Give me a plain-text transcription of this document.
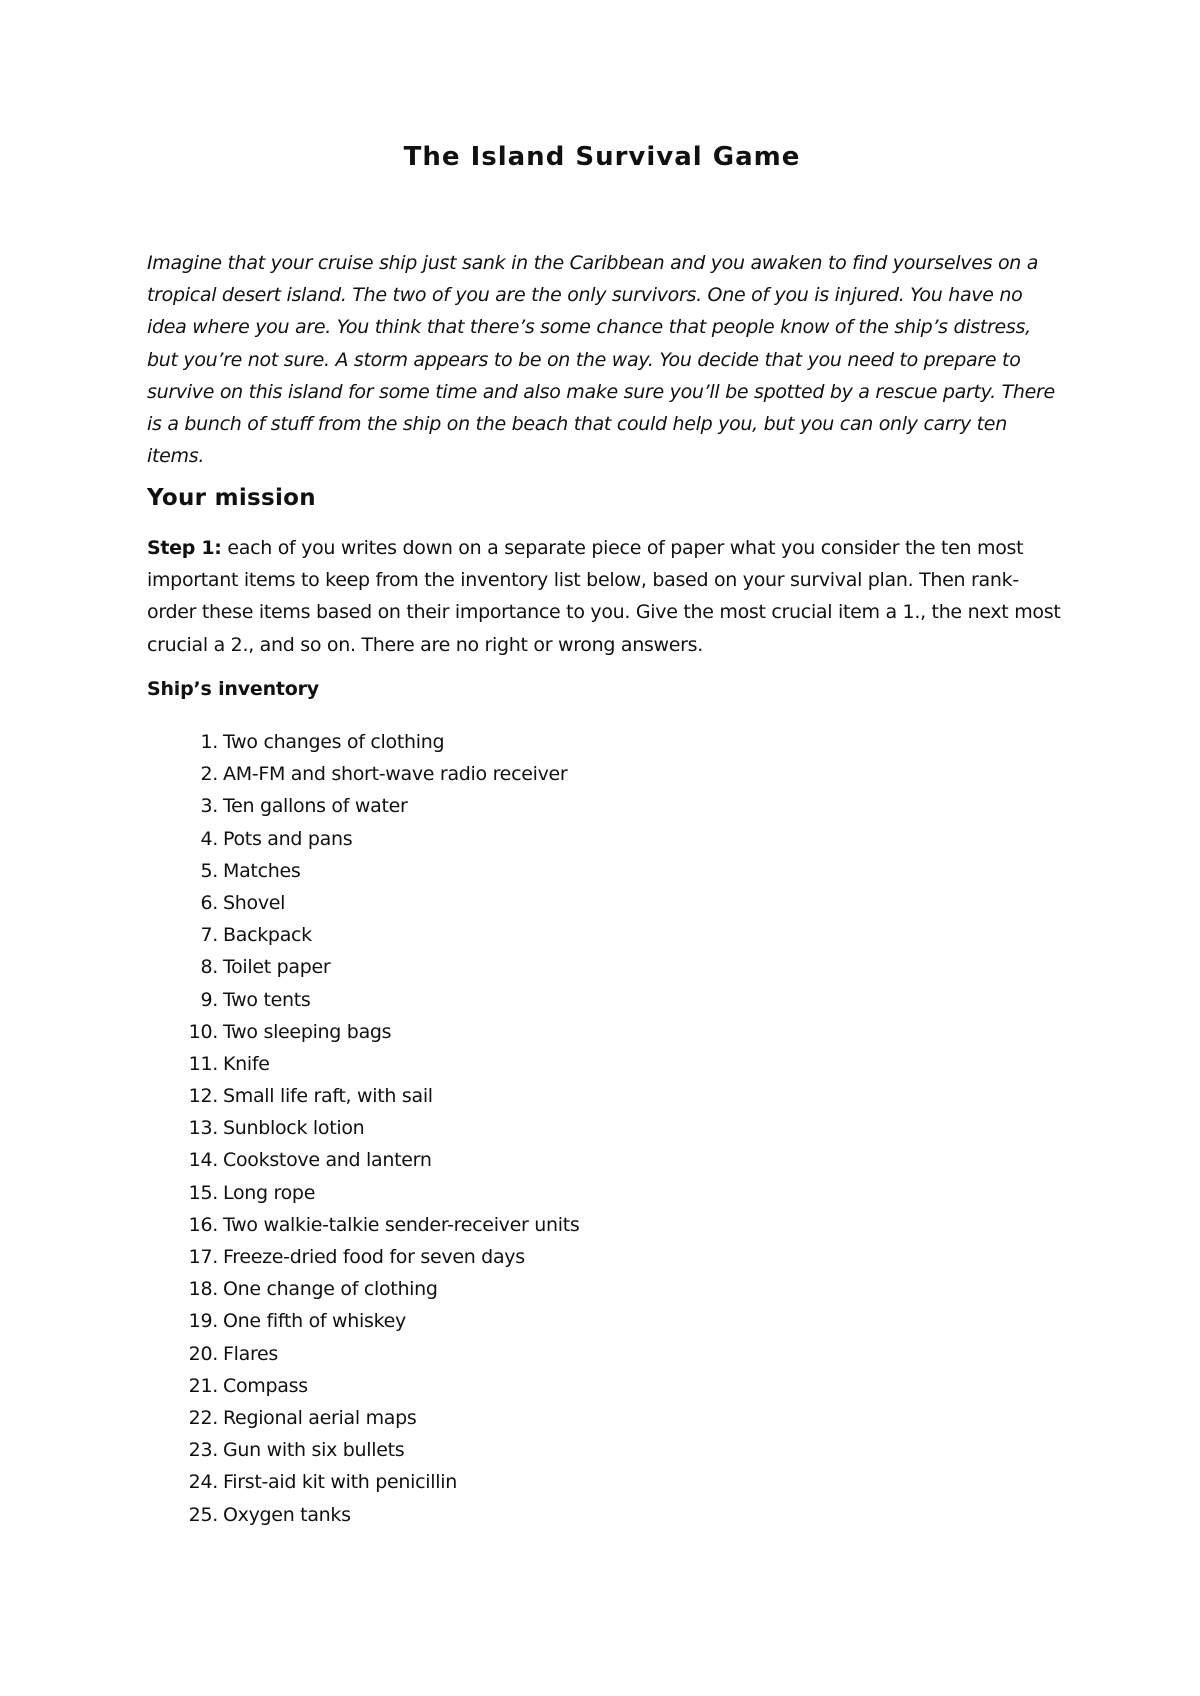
The Island Survival Game

Imagine that your cruise ship just sank in the Caribbean and you awaken to find yourselves on a tropical desert island. The two of you are the only survivors. One of you is injured. You have no idea where you are. You think that there’s some chance that people know of the ship’s distress, but you’re not sure. A storm appears to be on the way. You decide that you need to prepare to survive on this island for some time and also make sure you’ll be spotted by a rescue party. There is a bunch of stuff from the ship on the beach that could help you, but you can only carry ten items.

Your mission

Step 1: each of you writes down on a separate piece of paper what you consider the ten most important items to keep from the inventory list below, based on your survival plan. Then rank-order these items based on their importance to you. Give the most crucial item a 1., the next most crucial a 2., and so on. There are no right or wrong answers.

Ship’s inventory
1. Two changes of clothing
2. AM-FM and short-wave radio receiver
3. Ten gallons of water
4. Pots and pans
5. Matches
6. Shovel
7. Backpack
8. Toilet paper
9. Two tents
10. Two sleeping bags
11. Knife
12. Small life raft, with sail
13. Sunblock lotion
14. Cookstove and lantern
15. Long rope
16. Two walkie-talkie sender-receiver units
17. Freeze-dried food for seven days
18. One change of clothing
19. One fifth of whiskey
20. Flares
21. Compass
22. Regional aerial maps
23. Gun with six bullets
24. First-aid kit with penicillin
25. Oxygen tanks
